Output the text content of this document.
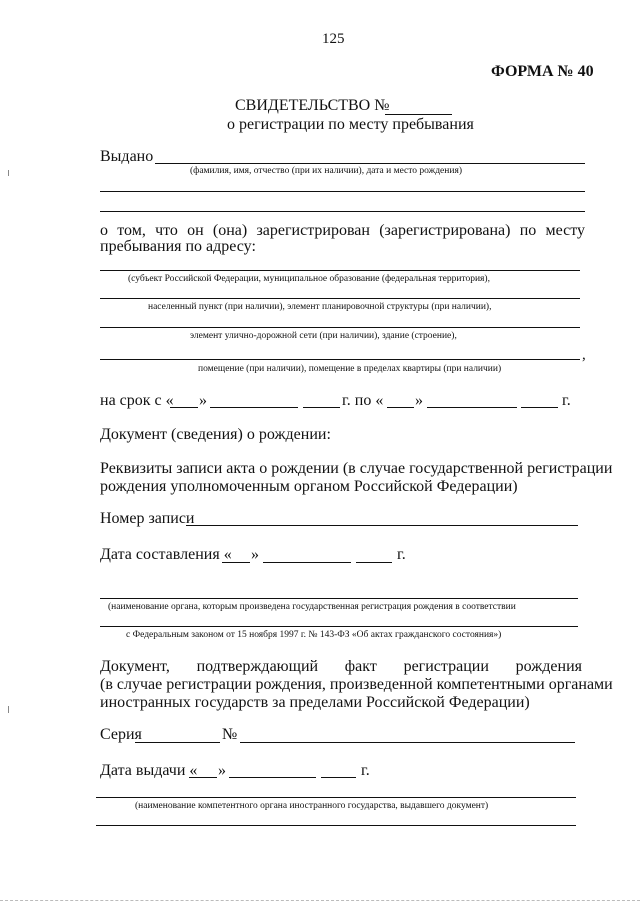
125
ФОРМА № 40
СВИДЕТЕЛЬСТВО №
о регистрации по месту пребывания
Выдано
(фамилия, имя, отчество (при их наличии), дата и место рождения)
о том, что он (она) зарегистрирован (зарегистрирована) по месту
пребывания по адресу:
(субъект Российской Федерации, муниципальное образование (федеральная территория),
населенный пункт (при наличии), элемент планировочной структуры (при наличии),
элемент улично-дорожной сети (при наличии), здание (строение),
,
помещение (при наличии), помещение в пределах квартиры (при наличии)
на срок с « »	г. по « »	г.
Документ (сведения) о рождении:
Реквизиты записи акта о рождении (в случае государственной регистрации
рождения уполномоченным органом Российской Федерации)
Номер записи
Дата составления « »	г.
(наименование органа, которым произведена государственная регистрация рождения в соответствии
с Федеральным законом от 15 ноября 1997 г. № 143-ФЗ «Об актах гражданского состояния»)
Документ, подтверждающий факт регистрации рождения
(в случае регистрации рождения, произведенной компетентными органами
иностранных государств за пределами Российской Федерации)
Серия	№
Дата выдачи « »	г.
(наименование компетентного органа иностранного государства, выдавшего документ)
